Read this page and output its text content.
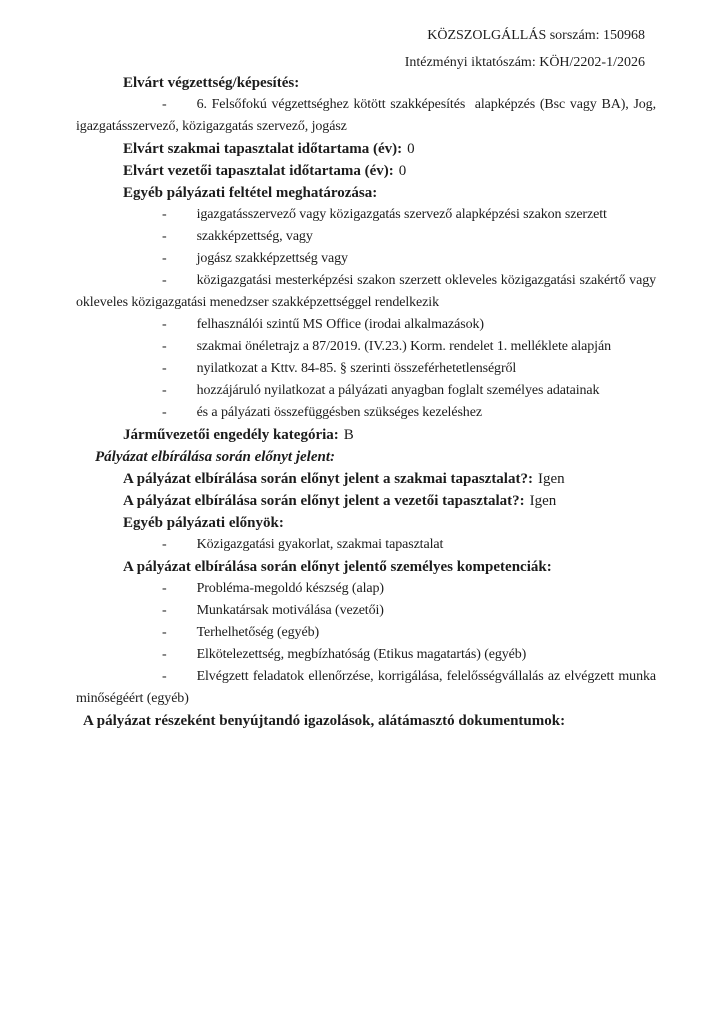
KÖZSZOLGÁLLÁS sorszám: 150968
Intézményi iktatószám: KÖH/2202-1/2026

Elvárt végzettség/képesítés:

- 6. Felsőfokú végzettséghez kötött szakképesítés  alapképzés (Bsc vagy BA), Jog, igazgatásszervező, közigazgatás szervező, jogász

Elvárt szakmai tapasztalat időtartama (év): 0

Elvárt vezetői tapasztalat időtartama (év): 0

Egyéb pályázati feltétel meghatározása:

- igazgatásszervező vagy közigazgatás szervező alapképzési szakon szerzett

- szakképzettség, vagy

- jogász szakképzettség vagy

- közigazgatási mesterképzési szakon szerzett okleveles közigazgatási szakértő vagy okleveles közigazgatási menedzser szakképzettséggel rendelkezik

- felhasználói szintű MS Office (irodai alkalmazások)

- szakmai önéletrajz a 87/2019. (IV.23.) Korm. rendelet 1. melléklete alapján

- nyilatkozat a Kttv. 84-85. § szerinti összeférhetetlenségről

- hozzájáruló nyilatkozat a pályázati anyagban foglalt személyes adatainak

- és a pályázati összefüggésben szükséges kezeléshez

Járművezetői engedély kategória: B

Pályázat elbírálása során előnyt jelent:

A pályázat elbírálása során előnyt jelent a szakmai tapasztalat?: Igen

A pályázat elbírálása során előnyt jelent a vezetői tapasztalat?: Igen

Egyéb pályázati előnyök:

- Közigazgatási gyakorlat, szakmai tapasztalat

A pályázat elbírálása során előnyt jelentő személyes kompetenciák:

- Probléma-megoldó készség (alap)

- Munkatársak motiválása (vezetői)

- Terhelhetőség (egyéb)

- Elkötelezettség, megbízhatóság (Etikus magatartás) (egyéb)

- Elvégzett feladatok ellenőrzése, korrigálása, felelősségvállalás az elvégzett munka minőségéért (egyéb)

A pályázat részeként benyújtandó igazolások, alátámasztó dokumentumok:
